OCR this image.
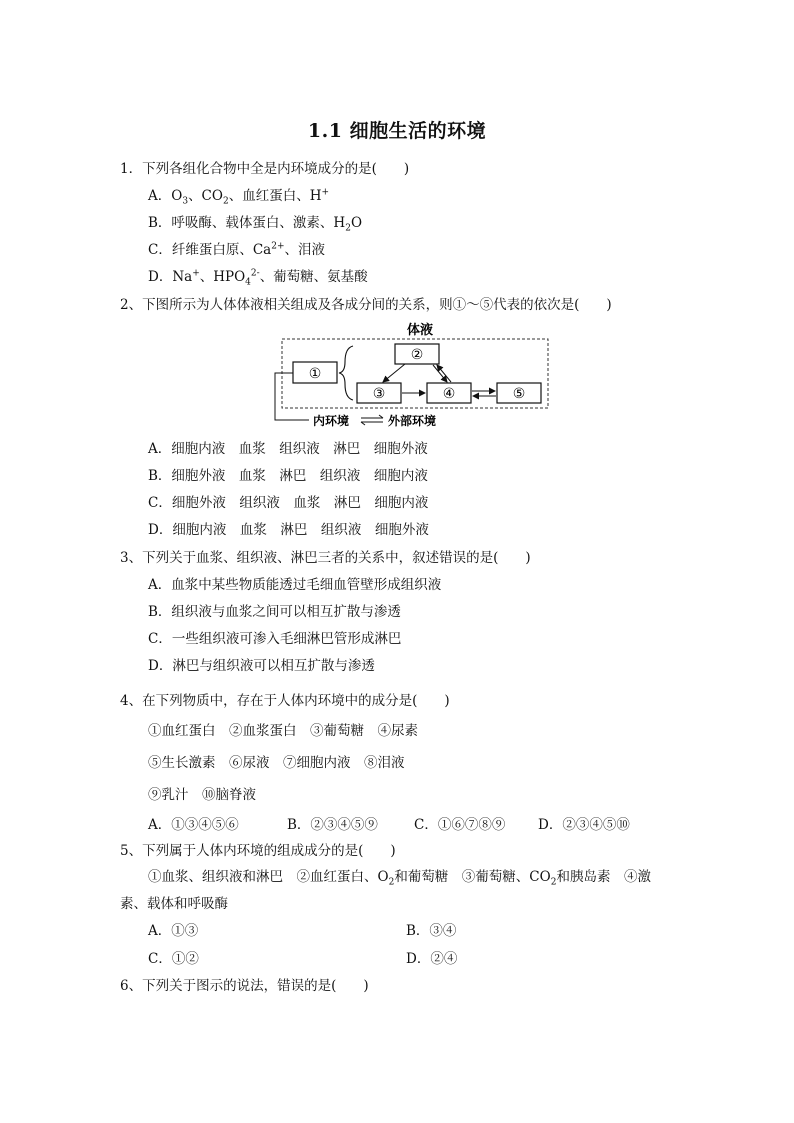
1.1 细胞生活的环境
1．下列各组化合物中全是内环境成分的是(　　)
A．$O_3$、$CO_2$、血红蛋白、H+
B．呼吸酶、载体蛋白、激素、$H_2O$
C．纤维蛋白原、$Ca^{2+}$、泪液
D．Na+、$HPO_4^{2-}$、葡萄糖、氨基酸
2、下图所示为人体体液相关组成及各成分间的关系，则①～⑤代表的依次是(　　)
体液
①
②
③	④	⑤
内环境	外部环境
A．细胞内液　血浆　组织液　淋巴　细胞外液
B．细胞外液　血浆　淋巴　组织液　细胞内液
C．细胞外液　组织液　血浆　淋巴　细胞内液
D．细胞内液　血浆　淋巴　组织液　细胞外液
3、下列关于血浆、组织液、淋巴三者的关系中，叙述错误的是(　　)
A．血浆中某些物质能透过毛细血管壁形成组织液
B．组织液与血浆之间可以相互扩散与渗透
C．一些组织液可渗入毛细淋巴管形成淋巴
D．淋巴与组织液可以相互扩散与渗透
4、在下列物质中，存在于人体内环境中的成分是(　　)
①血红蛋白　②血浆蛋白　③葡萄糖　④尿素
⑤生长激素　⑥尿液　⑦细胞内液　⑧泪液
⑨乳汁　⑩脑脊液
A．①③④⑤⑥	B．②③④⑤⑨	C．①⑥⑦⑧⑨ D．②③④⑤⑩
5、下列属于人体内环境的组成成分的是(　　)
①血浆、组织液和淋巴　②血红蛋白、$O_2$和葡萄糖　③葡萄糖、$CO_2$和胰岛素　④激
素、载体和呼吸酶
A．①③	B．③④
C．①②	D．②④
6、下列关于图示的说法，错误的是(　　)
